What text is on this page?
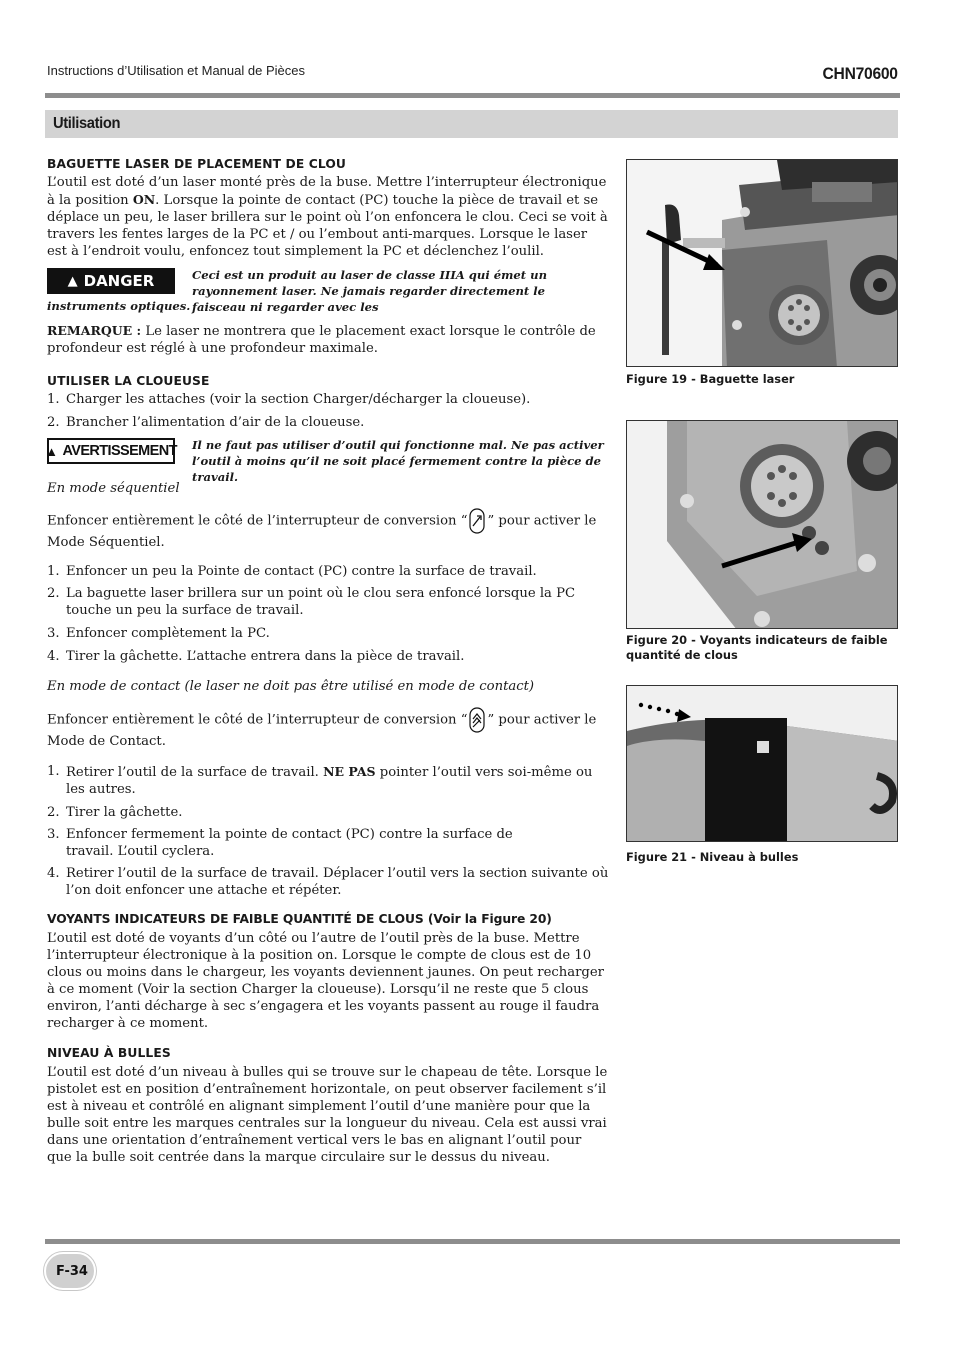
Instructions d’Utilisation et Manual de Pièces	CHN70600
Utilisation
BAGUETTE LASER DE PLACEMENT DE CLOU
L’outil est doté d’un laser monté près de la buse. Mettre l’interrupteur électronique à la position ON. Lorsque la pointe de contact (PC) touche la pièce de travail et se déplace un peu, le laser brillera sur le point où l’on enfoncera le clou. Ceci se voit à travers les fentes larges de la PC et / ou l’embout anti-marques. Lorsque le laser est à l’endroit voulu, enfoncez tout simplement la PC et déclenchez l’oulil.
▲ DANGER	Ceci est un produit au laser de classe IIIA qui émet un rayonnement laser. Ne jamais regarder directement le faisceau ni regarder avec les
instruments optiques.
REMARQUE : Le laser ne montrera que le placement exact lorsque le contrôle de profondeur est réglé à une profondeur maximale.
UTILISER LA CLOUEUSE
1. Charger les attaches (voir la section Charger/décharger la cloueuse).
2. Brancher l’alimentation d’air de la cloueuse.
▲ AVERTISSEMENT Il ne faut pas utiliser d’outil qui fonctionne mal. Ne pas activer l’outil à moins qu’il ne soit placé fermement contre la pièce de travail.
En mode séquentiel
Enfoncer entièrement le côté de l’interrupteur de conversion “ ” pour activer le Mode Séquentiel.
1. Enfoncer un peu la Pointe de contact (PC) contre la surface de travail.
2. La baguette laser brillera sur un point où le clou sera enfoncé lorsque la PC touche un peu la surface de travail.
3. Enfoncer complètement la PC.
4. Tirer la gâchette. L’attache entrera dans la pièce de travail.
En mode de contact (le laser ne doit pas être utilisé en mode de contact)
Enfoncer entièrement le côté de l’interrupteur de conversion “ ” pour activer le Mode de Contact.
1. Retirer l’outil de la surface de travail. NE PAS pointer l’outil vers soi-même ou les autres.
2. Tirer la gâchette.
3. Enfoncer fermement la pointe de contact (PC) contre la surface de travail. L’outil cyclera.
4. Retirer l’outil de la surface de travail. Déplacer l’outil vers la section suivante où l’on doit enfoncer une attache et répéter.
VOYANTS INDICATEURS DE FAIBLE QUANTITÉ DE CLOUS (Voir la Figure 20)
L’outil est doté de voyants d’un côté ou l’autre de l’outil près de la buse. Mettre l’interrupteur électronique à la position on. Lorsque le compte de clous est de 10 clous ou moins dans le chargeur, les voyants deviennent jaunes. On peut recharger à ce moment (Voir la section Charger la cloueuse). Lorsqu’il ne reste que 5 clous environ, l’anti décharge à sec s’engagera et les voyants passent au rouge il faudra recharger à ce moment.
NIVEAU À BULLES
L’outil est doté d’un niveau à bulles qui se trouve sur le chapeau de tête. Lorsque le pistolet est en position d’entraînement horizontale, on peut observer facilement s’il est à niveau et contrôlé en alignant simplement l’outil d’une manière pour que la bulle soit entre les marques centrales sur la longueur du niveau. Cela est aussi vrai dans une orientation d’entraînement vertical vers le bas en alignant l’outil pour que la bulle soit centrée dans la marque circulaire sur le dessus du niveau.
Figure 19 - Baguette laser
Figure 20 - Voyants indicateurs de faible quantité de clous
Figure 21 - Niveau à bulles
F-34
